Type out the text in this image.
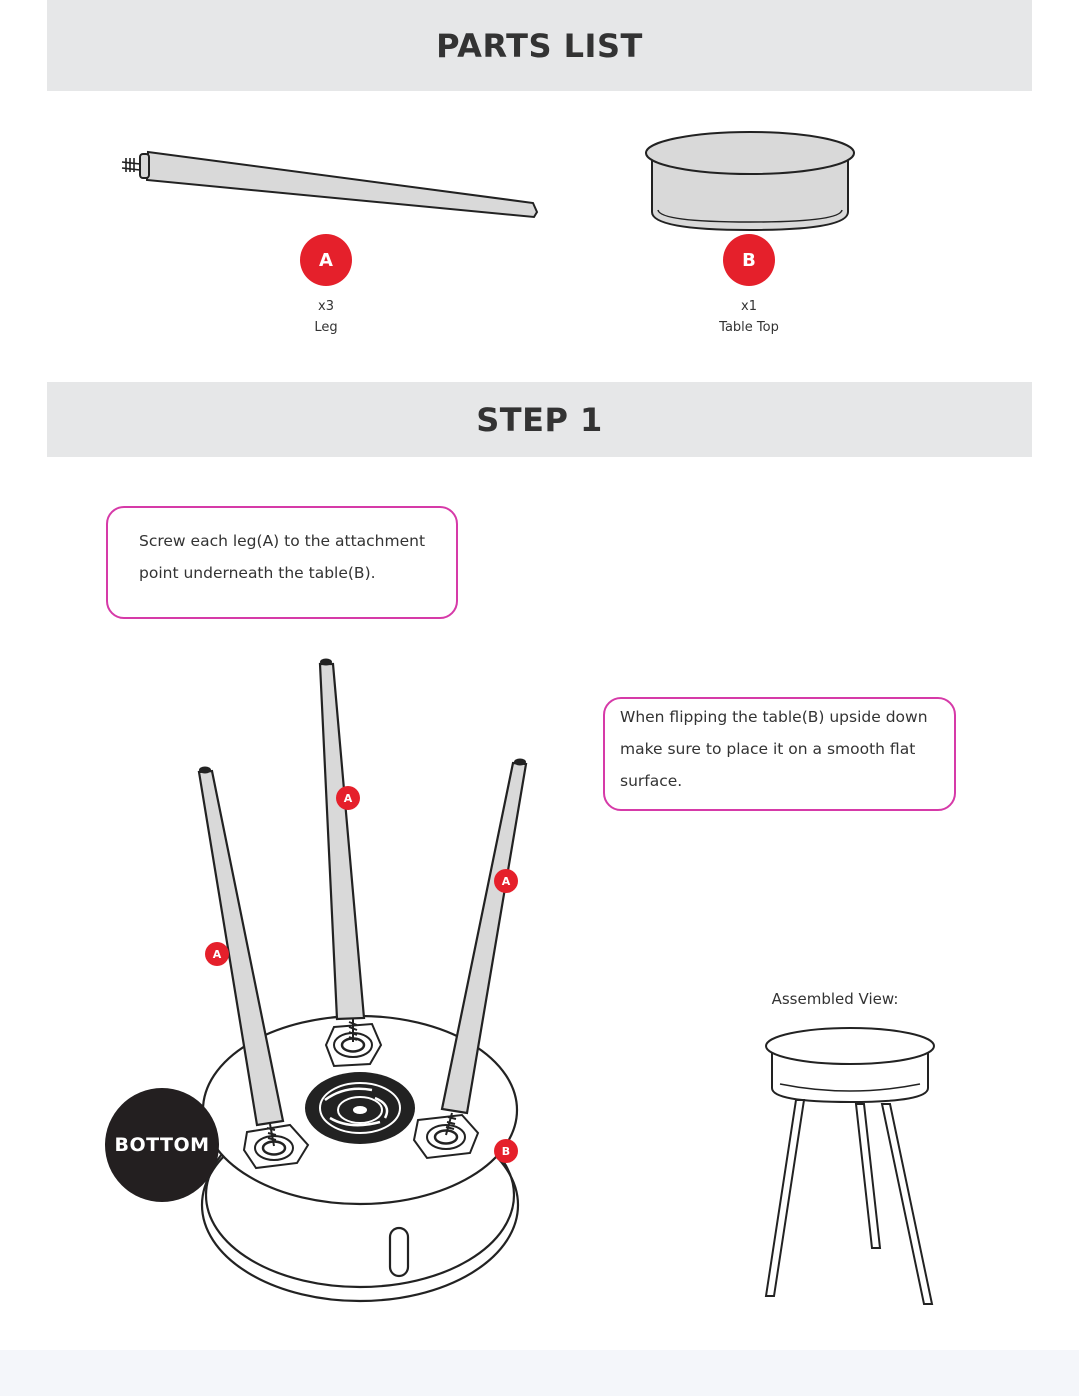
PARTS LIST
A
x3
Leg
B
x1
Table Top
STEP 1
Screw each leg(A) to the attachment
point underneath the table(B).
When flipping the table(B) upside down
make sure to place it on a smooth flat
surface.
A
A
A
B
BOTTOM
Assembled View:
